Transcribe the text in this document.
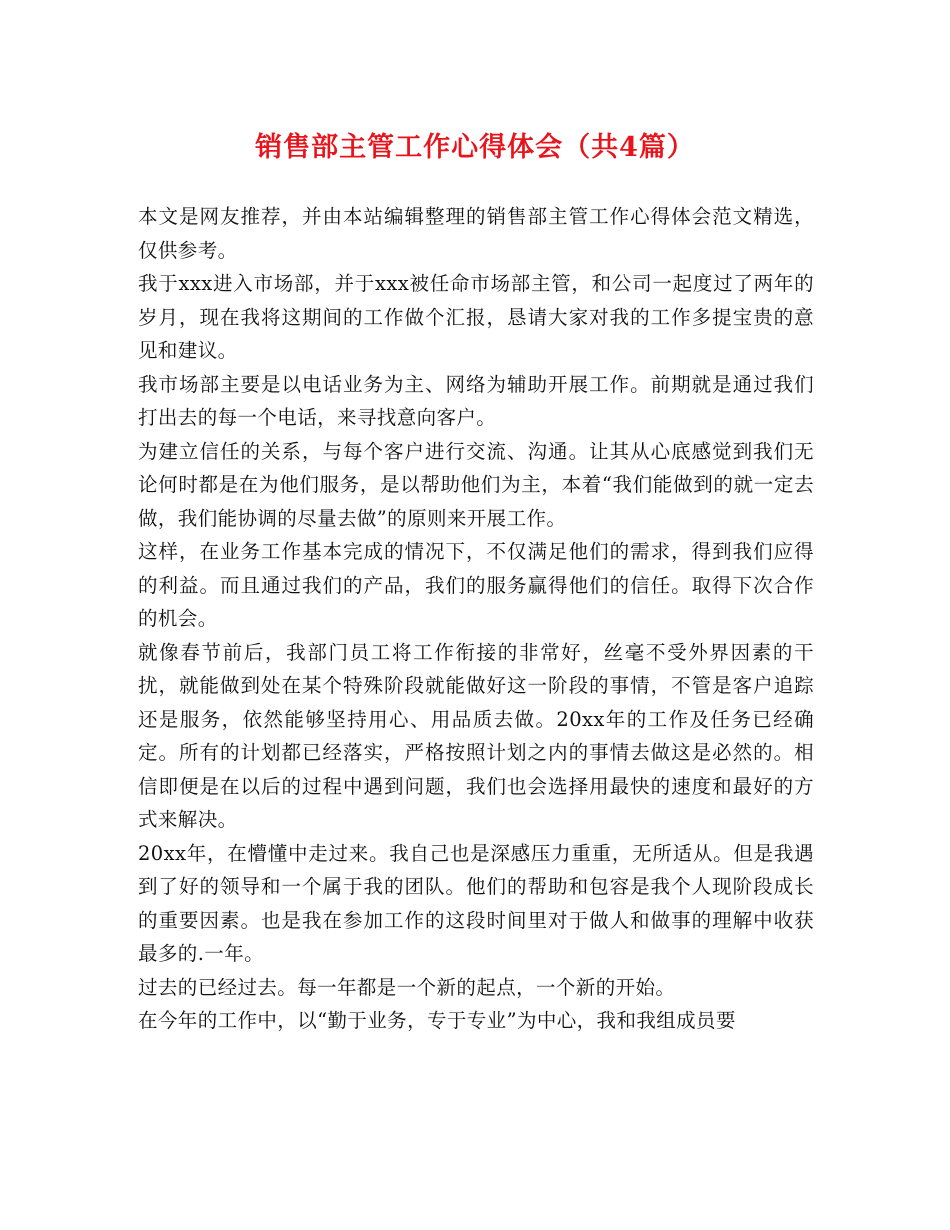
销售部主管工作心得体会（共4篇）

本文是网友推荐，并由本站编辑整理的销售部主管工作心得体会范文精选，仅供参考。

我于xxx进入市场部，并于xxx被任命市场部主管，和公司一起度过了两年的岁月，现在我将这期间的工作做个汇报，恳请大家对我的工作多提宝贵的意见和建议。

我市场部主要是以电话业务为主、网络为辅助开展工作。前期就是通过我们打出去的每一个电话，来寻找意向客户。

为建立信任的关系，与每个客户进行交流、沟通。让其从心底感觉到我们无论何时都是在为他们服务，是以帮助他们为主，本着“我们能做到的就一定去做，我们能协调的尽量去做”的原则来开展工作。

这样，在业务工作基本完成的情况下，不仅满足他们的需求，得到我们应得的利益。而且通过我们的产品，我们的服务赢得他们的信任。取得下次合作的机会。

就像春节前后，我部门员工将工作衔接的非常好，丝毫不受外界因素的干扰，就能做到处在某个特殊阶段就能做好这一阶段的事情，不管是客户追踪还是服务，依然能够坚持用心、用品质去做。20xx年的工作及任务已经确定。所有的计划都已经落实，严格按照计划之内的事情去做这是必然的。相信即便是在以后的过程中遇到问题，我们也会选择用最快的速度和最好的方式来解决。

20xx年，在懵懂中走过来。我自己也是深感压力重重，无所适从。但是我遇到了好的领导和一个属于我的团队。他们的帮助和包容是我个人现阶段成长的重要因素。也是我在参加工作的这段时间里对于做人和做事的理解中收获最多的.一年。

过去的已经过去。每一年都是一个新的起点，一个新的开始。

在今年的工作中，以“勤于业务，专于专业”为中心，我和我组成员要
